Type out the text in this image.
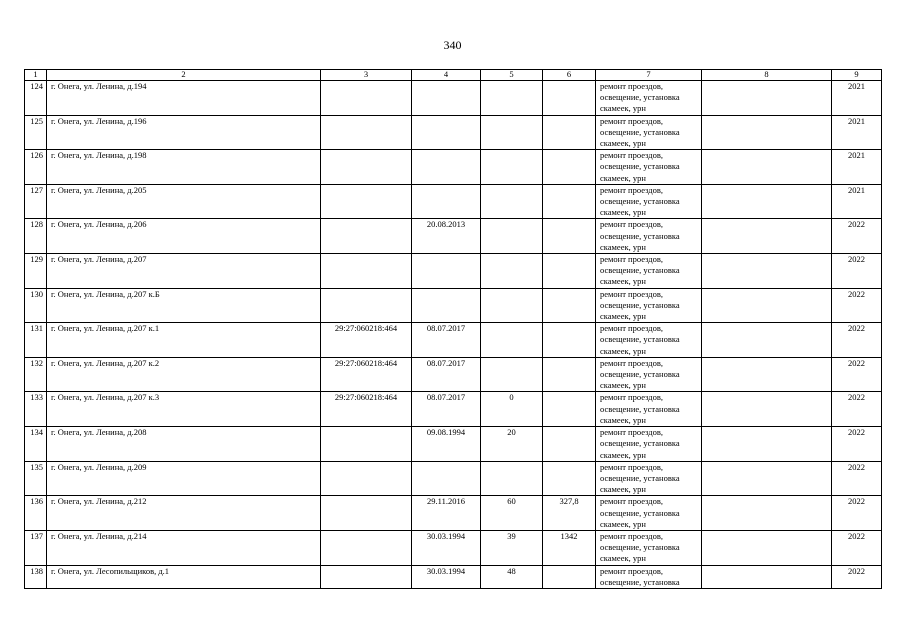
340
1	2	3	4	5	6	7	8	9
124	г. Онега, ул. Ленина, д.194					ремонт проездов,
освещение, установка
скамеек, урн		2021
125	г. Онега, ул. Ленина, д.196					ремонт проездов,
освещение, установка
скамеек, урн		2021
126	г. Онега, ул. Ленина, д.198					ремонт проездов,
освещение, установка
скамеек, урн		2021
127	г. Онега, ул. Ленина, д.205					ремонт проездов,
освещение, установка
скамеек, урн		2021
128	г. Онега, ул. Ленина, д.206		20.08.2013			ремонт проездов,
освещение, установка
скамеек, урн		2022
129	г. Онега, ул. Ленина, д.207					ремонт проездов,
освещение, установка
скамеек, урн		2022
130	г. Онега, ул. Ленина, д.207 к.Б					ремонт проездов,
освещение, установка
скамеек, урн		2022
131	г. Онега, ул. Ленина, д.207 к.1	29:27:060218:464	08.07.2017			ремонт проездов,
освещение, установка
скамеек, урн		2022
132	г. Онега, ул. Ленина, д.207 к.2	29:27:060218:464	08.07.2017			ремонт проездов,
освещение, установка
скамеек, урн		2022
133	г. Онега, ул. Ленина, д.207 к.3	29:27:060218:464	08.07.2017	0		ремонт проездов,
освещение, установка
скамеек, урн		2022
134	г. Онега, ул. Ленина, д.208		09.08.1994	20		ремонт проездов,
освещение, установка
скамеек, урн		2022
135	г. Онега, ул. Ленина, д.209					ремонт проездов,
освещение, установка
скамеек, урн		2022
136	г. Онега, ул. Ленина, д.212		29.11.2016	60	327,8	ремонт проездов,
освещение, установка
скамеек, урн		2022
137	г. Онега, ул. Ленина, д.214		30.03.1994	39	1342	ремонт проездов,
освещение, установка
скамеек, урн		2022
138	г. Онега, ул. Лесопильщиков, д.1		30.03.1994	48		ремонт проездов,
освещение, установка		2022
